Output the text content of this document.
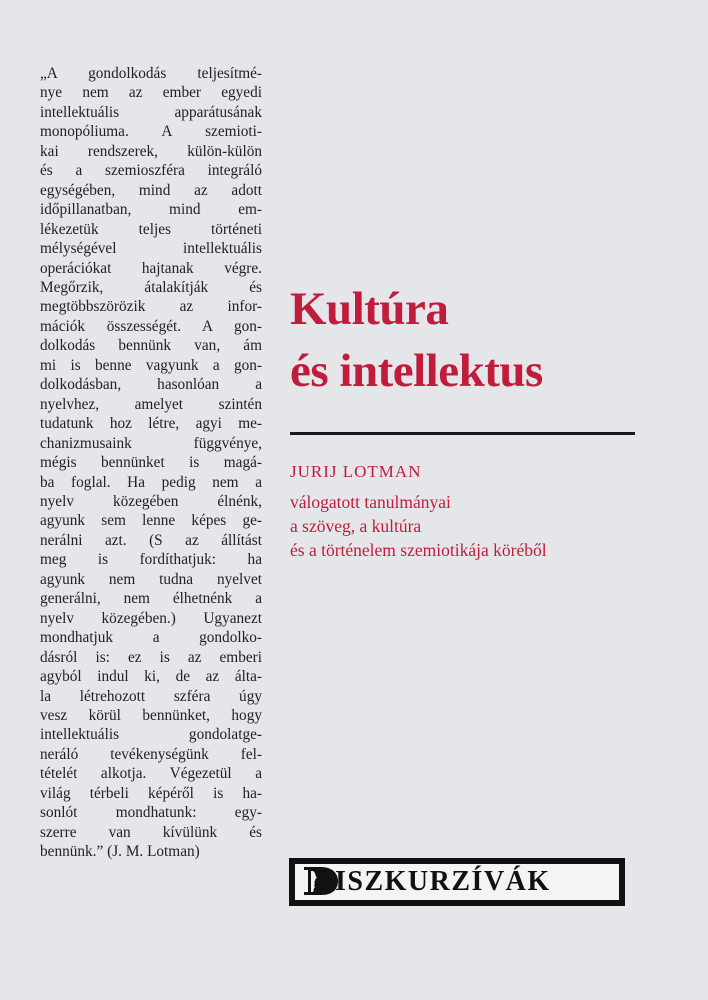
„A gondolkodás teljesítmé-
nye nem az ember egyedi
intellektuális apparátusának
monopóliuma. A szemioti-
kai rendszerek, külön-külön
és a szemioszféra integráló
egységében, mind az adott
időpillanatban, mind em-
lékezetük teljes történeti
mélységével intellektuális
operációkat hajtanak végre.
Megőrzik, átalakítják és
megtöbbszörözik az infor-
mációk összességét. A gon-
dolkodás bennünk van, ám
mi is benne vagyunk a gon-
dolkodásban, hasonlóan a
nyelvhez, amelyet szintén
tudatunk hoz létre, agyi me-
chanizmusaink függvénye,
mégis bennünket is magá-
ba foglal. Ha pedig nem a
nyelv közegében élnénk,
agyunk sem lenne képes ge-
nerálni azt. (S az állítást
meg is fordíthatjuk: ha
agyunk nem tudna nyelvet
generálni, nem élhetnénk a
nyelv közegében.) Ugyanezt
mondhatjuk a gondolko-
dásról is: ez is az emberi
agyból indul ki, de az álta-
la létrehozott szféra úgy
vesz körül bennünket, hogy
intellektuális gondolatge-
neráló tevékenységünk fel-
tételét alkotja. Végezetül a
világ térbeli képéről is ha-
sonlót mondhatunk: egy-
szerre van kívülünk és
bennünk.” (J. M. Lotman)
Kultúra
és intellektus
JURIJ LOTMAN
válogatott tanulmányai
a szöveg, a kultúra
és a történelem szemiotikája köréből
ISZKURZÍVÁK
